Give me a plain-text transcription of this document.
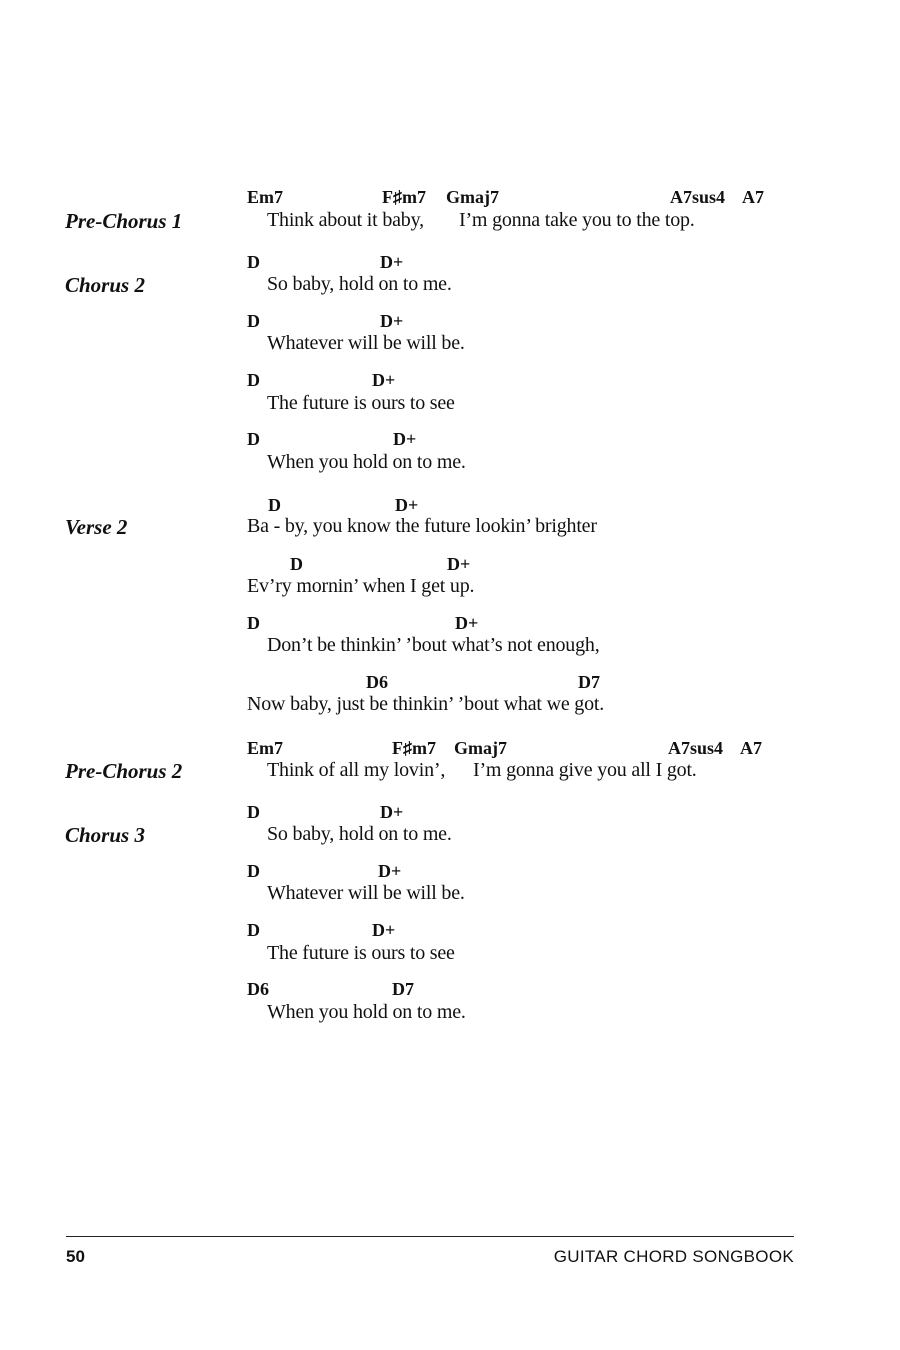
Em7	F♯m7 Gmaj7	A7sus4 A7
Pre-Chorus 1	Think about it baby, I’m gonna take you to the top.
D	D+
Chorus 2	So baby, hold on to me.
D	D+
Whatever will be will be.
D	D+
The future is ours to see
D	D+
When you hold on to me.
D	D+
Verse 2	Ba - by, you know the future lookin’ brighter
D	D+
Ev’ry mornin’ when I get up.
D	D+
Don’t be thinkin’ ’bout what’s not enough,
D6	D7
Now baby, just be thinkin’ ’bout what we got.
Em7	F♯m7 Gmaj7	A7sus4 A7
Pre-Chorus 2	Think of all my lovin’, I’m gonna give you all I got.
D	D+
Chorus 3	So baby, hold on to me.
D	D+
Whatever will be will be.
D	D+
The future is ours to see
D6	D7
When you hold on to me.
50	GUITAR CHORD SONGBOOK
